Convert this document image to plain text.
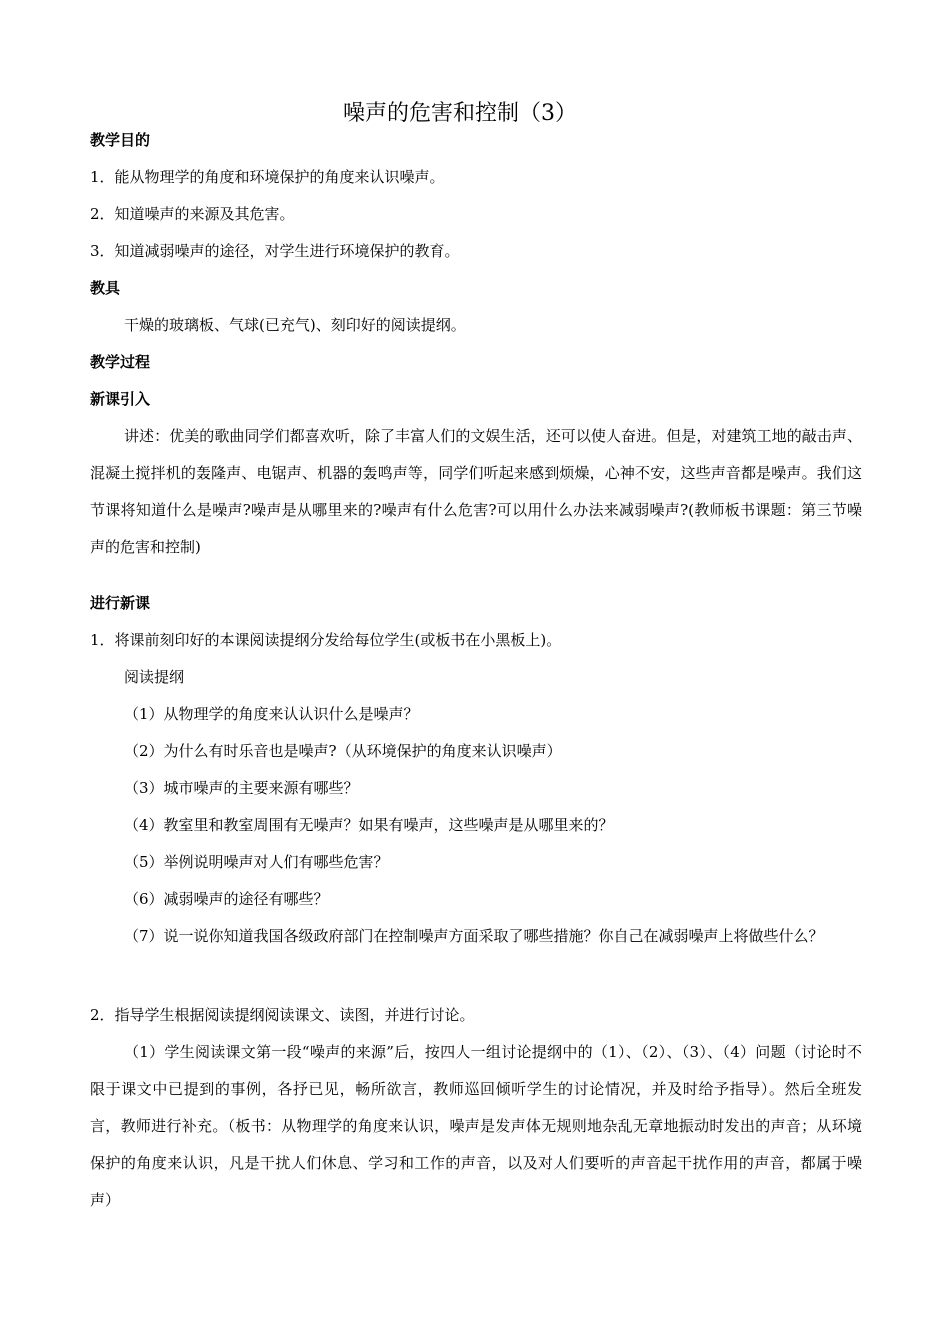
噪声的危害和控制（3）
教学目的
1．能从物理学的角度和环境保护的角度来认识噪声。
2．知道噪声的来源及其危害。
3．知道减弱噪声的途径，对学生进行环境保护的教育。
教具
干燥的玻璃板、气球(已充气)、刻印好的阅读提纲。
教学过程
新课引入
讲述：优美的歌曲同学们都喜欢听，除了丰富人们的文娱生活，还可以使人奋进。但是，对建筑工地的敲击声、混凝土搅拌机的轰隆声、电锯声、机器的轰鸣声等，同学们听起来感到烦燥，心神不安，这些声音都是噪声。我们这节课将知道什么是噪声?噪声是从哪里来的?噪声有什么危害?可以用什么办法来减弱噪声?(教师板书课题：第三节噪声的危害和控制)
进行新课
1．将课前刻印好的本课阅读提纲分发给每位学生(或板书在小黑板上)。
阅读提纲
（1）从物理学的角度来认认识什么是噪声？
（2）为什么有时乐音也是噪声?（从环境保护的角度来认识噪声）
（3）城市噪声的主要来源有哪些？
（4）教室里和教室周围有无噪声？如果有噪声，这些噪声是从哪里来的？
（5）举例说明噪声对人们有哪些危害？
（6）减弱噪声的途径有哪些？
（7）说一说你知道我国各级政府部门在控制噪声方面采取了哪些措施？你自己在减弱噪声上将做些什么？
2．指导学生根据阅读提纲阅读课文、读图，并进行讨论。
（1）学生阅读课文第一段“噪声的来源”后，按四人一组讨论提纲中的（1）、（2）、（3）、（4）问题（讨论时不限于课文中已提到的事例，各抒已见，畅所欲言，教师巡回倾听学生的讨论情况，并及时给予指导）。然后全班发言，教师进行补充。（板书：从物理学的角度来认识，噪声是发声体无规则地杂乱无章地振动时发出的声音；从环境保护的角度来认识，凡是干扰人们休息、学习和工作的声音，以及对人们要听的声音起干扰作用的声音，都属于噪声）
